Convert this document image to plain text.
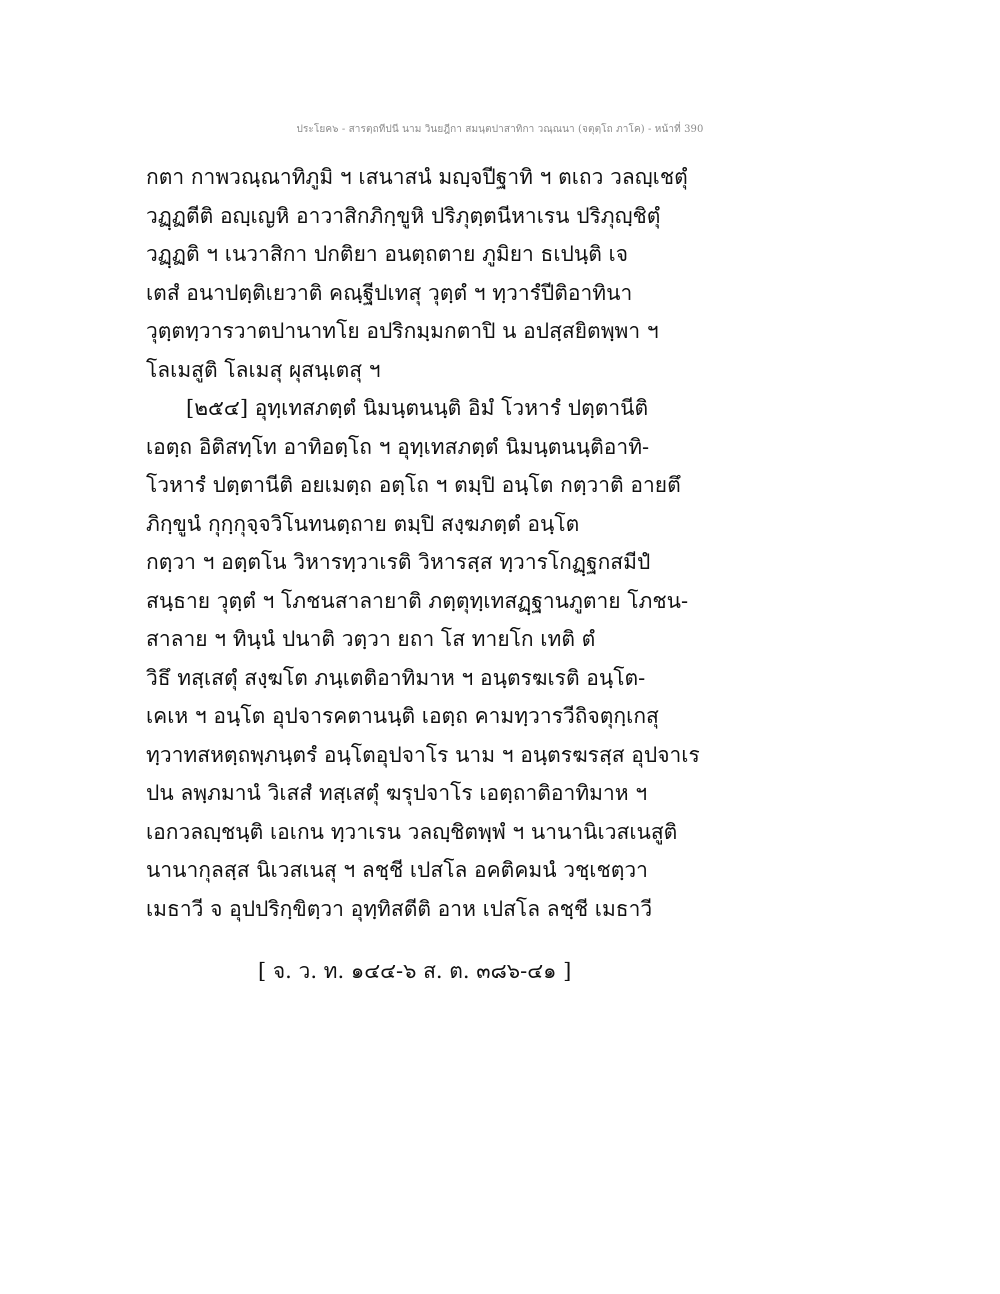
ประโยค๖ - สารตฺถทีปนี นาม วินยฎีกา สมนฺตปาสาทิกา วณฺณนา (จตุตฺโถ ภาโค) - หน้าที่ 390
กตา กาพวณฺณาทิภูมิ ฯ เสนาสนํ มญฺจปีฐาทิ ฯ ตเถว วลญฺเชตุํ
วฏฺฏตีติ อญฺเญหิ อาวาสิกภิกฺขูหิ ปริภุตฺตนีหาเรน ปริภุญฺชิตุํ
วฏฺฏติ ฯ เนวาสิกา ปกติยา อนตฺถตาย ภูมิยา ธเปนฺติ เจ
เตสํ อนาปตฺติเยวาติ คณฺฐีปเทสุ วุตฺตํ ฯ ทฺวารํปีติอาทินา
วุตฺตทฺวารวาตปานาทโย อปริกมฺมกตาปิ น อปสฺสยิตพฺพา ฯ
โลเมสูติ โลเมสุ ผุสนฺเตสุ ฯ
[๒๕๔] อุทฺเทสภตฺตํ นิมนฺตนนฺติ อิมํ โวหารํ ปตฺตานีติ
เอตฺถ อิติสทฺโท อาทิอตฺโถ ฯ อุทฺเทสภตฺตํ นิมนฺตนนฺติอาทิ-
โวหารํ ปตฺตานีติ อยเมตฺถ อตฺโถ ฯ ตมฺปิ อนฺโต กตฺวาติ อายตึ
ภิกฺขูนํ กุกฺกุจฺจวิโนทนตฺถาย ตมฺปิ สงฺฆภตฺตํ อนฺโต
กตฺวา ฯ อตฺตโน วิหารทฺวาเรติ วิหารสฺส ทฺวารโกฏฺฐกสมีปํ
สนฺธาย วุตฺตํ ฯ โภชนสาลายาติ ภตฺตุทฺเทสฏฺฐานภูตาย โภชน-
สาลาย ฯ ทินฺนํ ปนาติ วตฺวา ยถา โส ทายโก เทติ ตํ
วิธึ ทสฺเสตุํ สงฺฆโต ภนฺเตติอาทิมาห ฯ อนฺตรฆเรติ อนฺโต-
เคเห ฯ อนฺโต อุปจารคตานนฺติ เอตฺถ คามทฺวารวีถิจตุกฺเกสุ
ทฺวาทสหตฺถพฺภนฺตรํ อนฺโตอุปจาโร นาม ฯ อนฺตรฆรสฺส อุปจาเร
ปน ลพฺภมานํ วิเสสํ ทสฺเสตุํ ฆรุปจาโร เอตฺถาติอาทิมาห ฯ
เอกวลญฺชนฺติ เอเกน ทฺวาเรน วลญฺชิตพฺพํ ฯ นานานิเวสเนสูติ
นานากุลสฺส นิเวสเนสุ ฯ ลชฺชี เปสโล อคติคมนํ วชฺเชตฺวา
เมธาวี จ อุปปริกฺขิตฺวา อุทฺทิสตีติ อาห เปสโล ลชฺชี เมธาวี
[ จ. ว. ท. ๑๔๔-๖ ส. ต. ๓๘๖-๔๑ ]
